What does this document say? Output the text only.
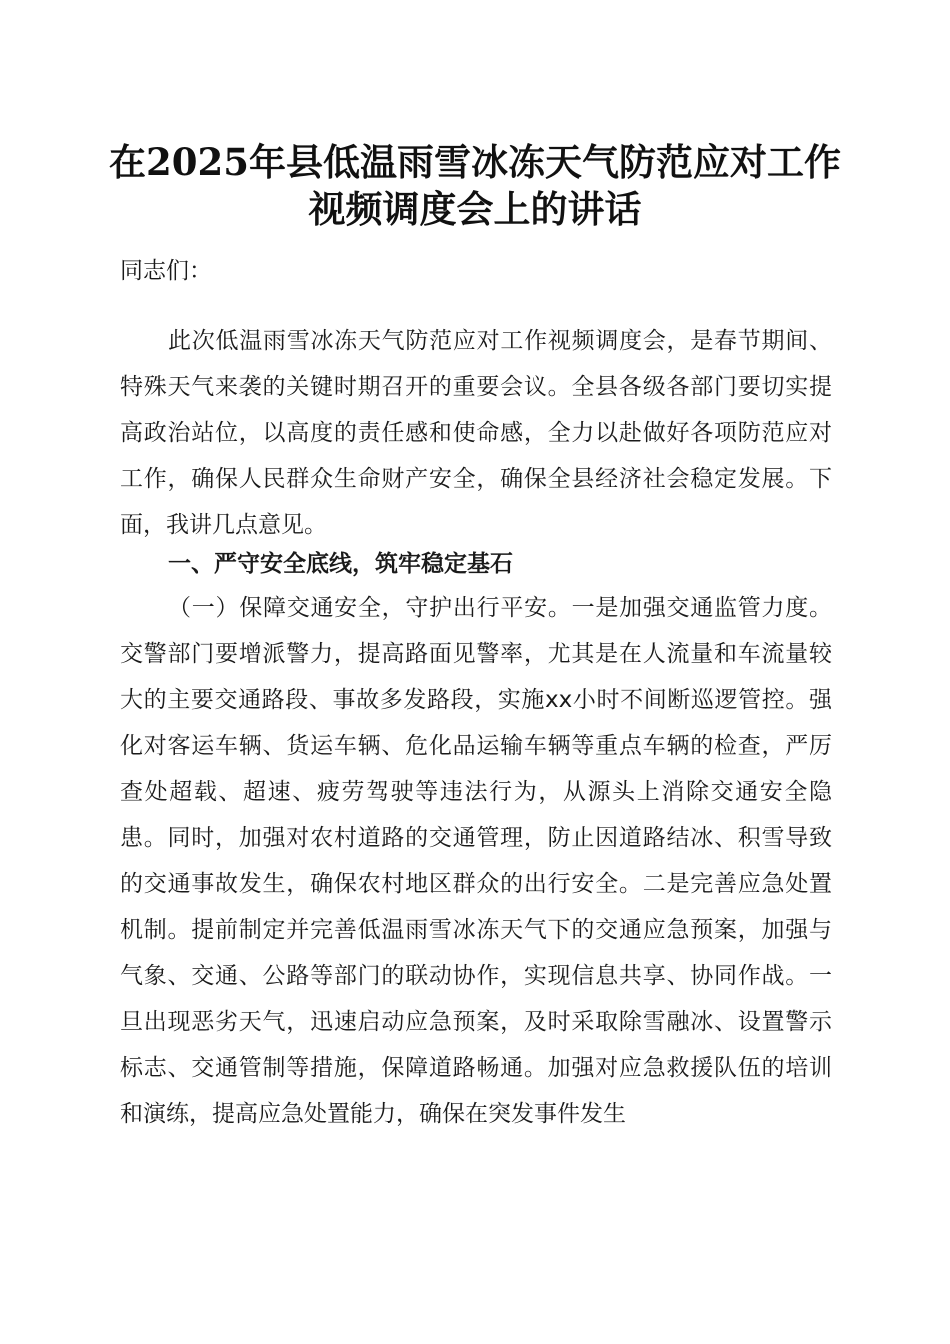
在2025年县低温雨雪冰冻天气防范应对工作
视频调度会上的讲话
同志们：
此次低温雨雪冰冻天气防范应对工作视频调度会，是春节期间、特殊天气来袭的关键时期召开的重要会议。全县各级各部门要切实提高政治站位，以高度的责任感和使命感，全力以赴做好各项防范应对工作，确保人民群众生命财产安全，确保全县经济社会稳定发展。下面，我讲几点意见。
一、严守安全底线，筑牢稳定基石
（一）保障交通安全，守护出行平安。一是加强交通监管力度。交警部门要增派警力，提高路面见警率，尤其是在人流量和车流量较大的主要交通路段、事故多发路段，实施xx小时不间断巡逻管控。强化对客运车辆、货运车辆、危化品运输车辆等重点车辆的检查，严厉查处超载、超速、疲劳驾驶等违法行为，从源头上消除交通安全隐患。同时，加强对农村道路的交通管理，防止因道路结冰、积雪导致的交通事故发生，确保农村地区群众的出行安全。二是完善应急处置机制。提前制定并完善低温雨雪冰冻天气下的交通应急预案，加强与气象、交通、公路等部门的联动协作，实现信息共享、协同作战。一旦出现恶劣天气，迅速启动应急预案，及时采取除雪融冰、设置警示标志、交通管制等措施，保障道路畅通。加强对应急救援队伍的培训和演练，提高应急处置能力，确保在突发事件发生
